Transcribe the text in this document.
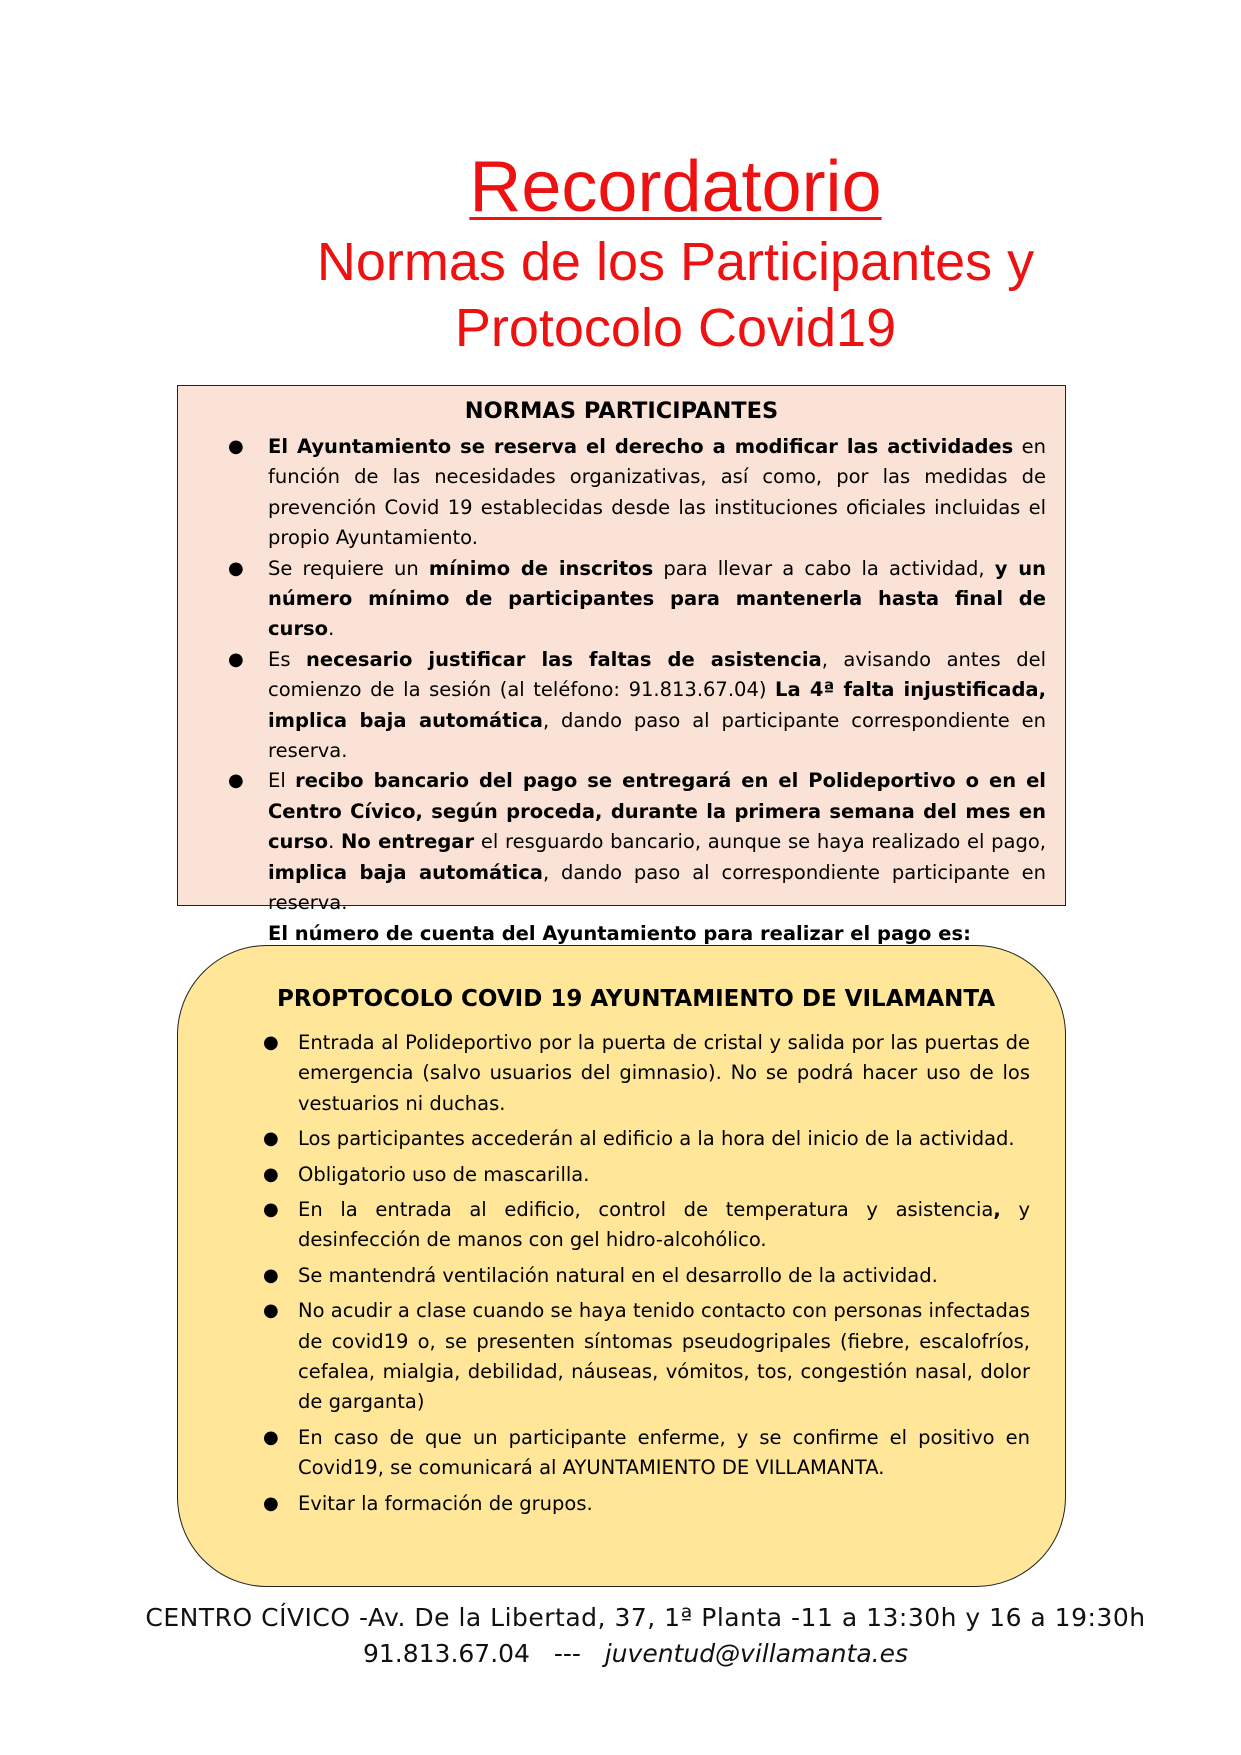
Recordatorio
Normas de los Participantes y
Protocolo Covid19
NORMAS PARTICIPANTES
● El Ayuntamiento se reserva el derecho a modificar las actividades en función de las necesidades organizativas, así como, por las medidas de prevención Covid 19 establecidas desde las instituciones oficiales incluidas el propio Ayuntamiento.
● Se requiere un mínimo de inscritos para llevar a cabo la actividad, y un número mínimo de participantes para mantenerla hasta final de curso.
● Es necesario justificar las faltas de asistencia, avisando antes del comienzo de la sesión (al teléfono: 91.813.67.04) La 4ª falta injustificada, implica baja automática, dando paso al participante correspondiente en reserva.
● El recibo bancario del pago se entregará en el Polideportivo o en el Centro Cívico, según proceda, durante la primera semana del mes en curso. No entregar el resguardo bancario, aunque se haya realizado el pago, implica baja automática, dando paso al correspondiente participante en reserva.
El número de cuenta del Ayuntamiento para realizar el pago es:
PROPTOCOLO COVID 19 AYUNTAMIENTO DE VILAMANTA
● Entrada al Polideportivo por la puerta de cristal y salida por las puertas de emergencia (salvo usuarios del gimnasio). No se podrá hacer uso de los vestuarios ni duchas.
● Los participantes accederán al edificio a la hora del inicio de la actividad.
● Obligatorio uso de mascarilla.
● En la entrada al edificio, control de temperatura y asistencia, y desinfección de manos con gel hidro-alcohólico.
● Se mantendrá ventilación natural en el desarrollo de la actividad.
● No acudir a clase cuando se haya tenido contacto con personas infectadas de covid19 o, se presenten síntomas pseudogripales (fiebre, escalofríos, cefalea, mialgia, debilidad, náuseas, vómitos, tos, congestión nasal, dolor de garganta)
● En caso de que un participante enferme, y se confirme el positivo en Covid19, se comunicará al AYUNTAMIENTO DE VILLAMANTA.
● Evitar la formación de grupos.
CENTRO CÍVICO -Av. De la Libertad, 37, 1ª Planta -11 a 13:30h y 16 a 19:30h
91.813.67.04 --- juventud@villamanta.es
